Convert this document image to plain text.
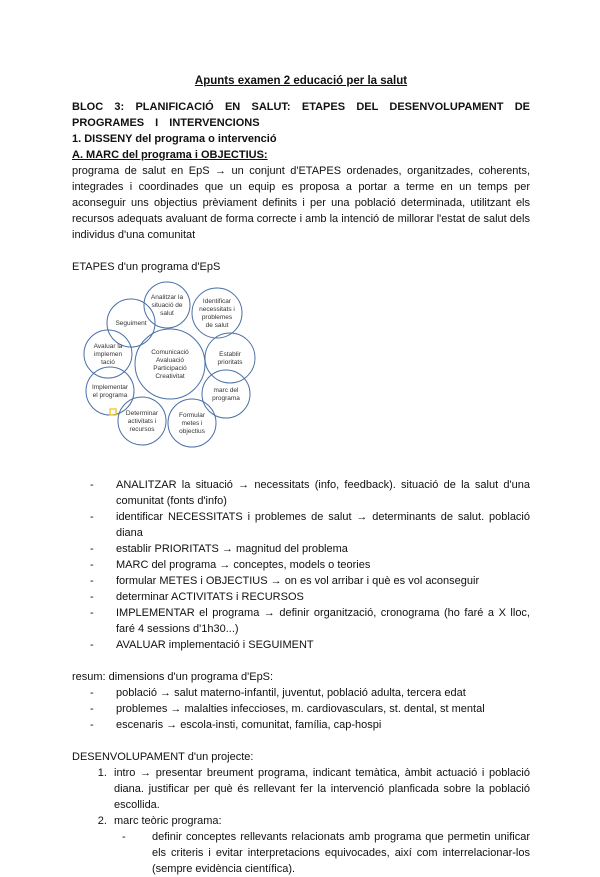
Apunts examen 2 educació per la salut

BLOC 3: PLANIFICACIÓ EN SALUT: ETAPES DEL DESENVOLUPAMENT DE PROGRAMES I INTERVENCIONS

1. DISSENY del programa o intervenció

A. MARC del programa i OBJECTIUS:

programa de salut en EpS → un conjunt d'ETAPES ordenades, organitzades, coherents, integrades i coordinades que un equip es proposa a portar a terme en un temps per aconseguir uns objectius prèviament definits i per una població determinada, utilitzant els recursos adequats avaluant de forma correcte i amb la intenció de millorar l'estat de salut dels individus d'una comunitat

ETAPES d'un programa d'EpS

Analitzar la situació de salut
Identificar necessitats i problemes de salut
Establir prioritats
marc del programa
Formular metes i objectius
Determinar activitats i recursos
Implementar el programa
Avaluar la implemen tació
Seguiment
Comunicació Avaluació Participació Creativitat
- ANALITZAR la situació → necessitats (info, feedback). situació de la salut d'una comunitat (fonts d'info)
- identificar NECESSITATS i problemes de salut → determinants de salut. població diana
- establir PRIORITATS → magnitud del problema
- MARC del programa → conceptes, models o teories
- formular METES i OBJECTIUS → on es vol arribar i què es vol aconseguir
- determinar ACTIVITATS i RECURSOS
- IMPLEMENTAR el programa → definir organització, cronograma (ho faré a X lloc, faré 4 sessions d'1h30...)
- AVALUAR implementació i SEGUIMENT

resum: dimensions d'un programa d'EpS:

- població → salut materno-infantil, juventut, població adulta, tercera edat
- problemes → malalties infeccioses, m. cardiovasculars, st. dental, st mental
- escenaris → escola-insti, comunitat, família, cap-hospi

DESENVOLUPAMENT d'un projecte:

1. intro → presentar breument programa, indicant temàtica, àmbit actuació i població diana. justificar per què és rellevant fer la intervenció planficada sobre la població escollida.
2. marc teòric programa:
- definir conceptes rellevants relacionats amb programa que permetin unificar els criteris i evitar interpretacions equivocades, així com interrelacionar-los (sempre evidència científica).
